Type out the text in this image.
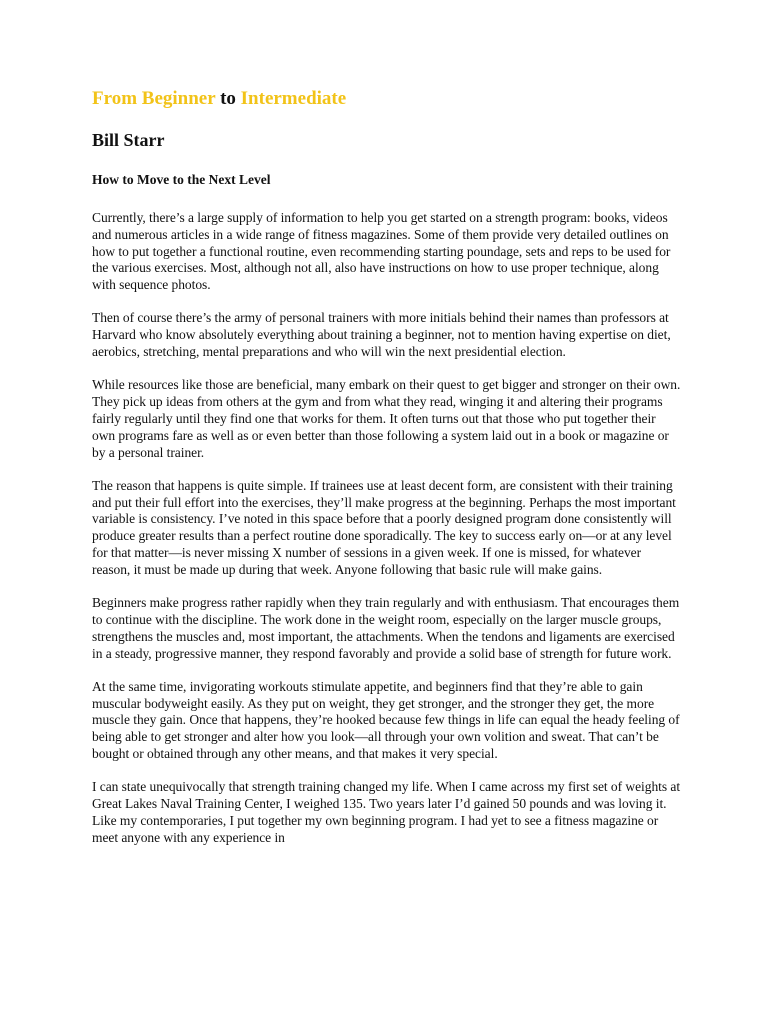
From Beginner to Intermediate
Bill Starr
How to Move to the Next Level

Currently, there’s a large supply of information to help you get started on a strength program: books, videos and numerous articles in a wide range of fitness magazines. Some of them provide very detailed outlines on how to put together a functional routine, even recommending starting poundage, sets and reps to be used for the various exercises. Most, although not all, also have instructions on how to use proper technique, along with sequence photos.

Then of course there’s the army of personal trainers with more initials behind their names than professors at Harvard who know absolutely everything about training a beginner, not to mention having expertise on diet, aerobics, stretching, mental preparations and who will win the next presidential election.

While resources like those are beneficial, many embark on their quest to get bigger and stronger on their own. They pick up ideas from others at the gym and from what they read, winging it and altering their programs fairly regularly until they find one that works for them. It often turns out that those who put together their own programs fare as well as or even better than those following a system laid out in a book or magazine or by a personal trainer.

The reason that happens is quite simple. If trainees use at least decent form, are consistent with their training and put their full effort into the exercises, they’ll make progress at the beginning. Perhaps the most important variable is consistency. I’ve noted in this space before that a poorly designed program done consistently will produce greater results than a perfect routine done sporadically. The key to success early on—or at any level for that matter—is never missing X number of sessions in a given week. If one is missed, for whatever reason, it must be made up during that week. Anyone following that basic rule will make gains.

Beginners make progress rather rapidly when they train regularly and with enthusiasm. That encourages them to continue with the discipline. The work done in the weight room, especially on the larger muscle groups, strengthens the muscles and, most important, the attachments. When the tendons and ligaments are exercised in a steady, progressive manner, they respond favorably and provide a solid base of strength for future work.

At the same time, invigorating workouts stimulate appetite, and beginners find that they’re able to gain muscular bodyweight easily. As they put on weight, they get stronger, and the stronger they get, the more muscle they gain. Once that happens, they’re hooked because few things in life can equal the heady feeling of being able to get stronger and alter how you look—all through your own volition and sweat. That can’t be bought or obtained through any other means, and that makes it very special.

I can state unequivocally that strength training changed my life. When I came across my first set of weights at Great Lakes Naval Training Center, I weighed 135. Two years later I’d gained 50 pounds and was loving it. Like my contemporaries, I put together my own beginning program. I had yet to see a fitness magazine or meet anyone with any experience in
